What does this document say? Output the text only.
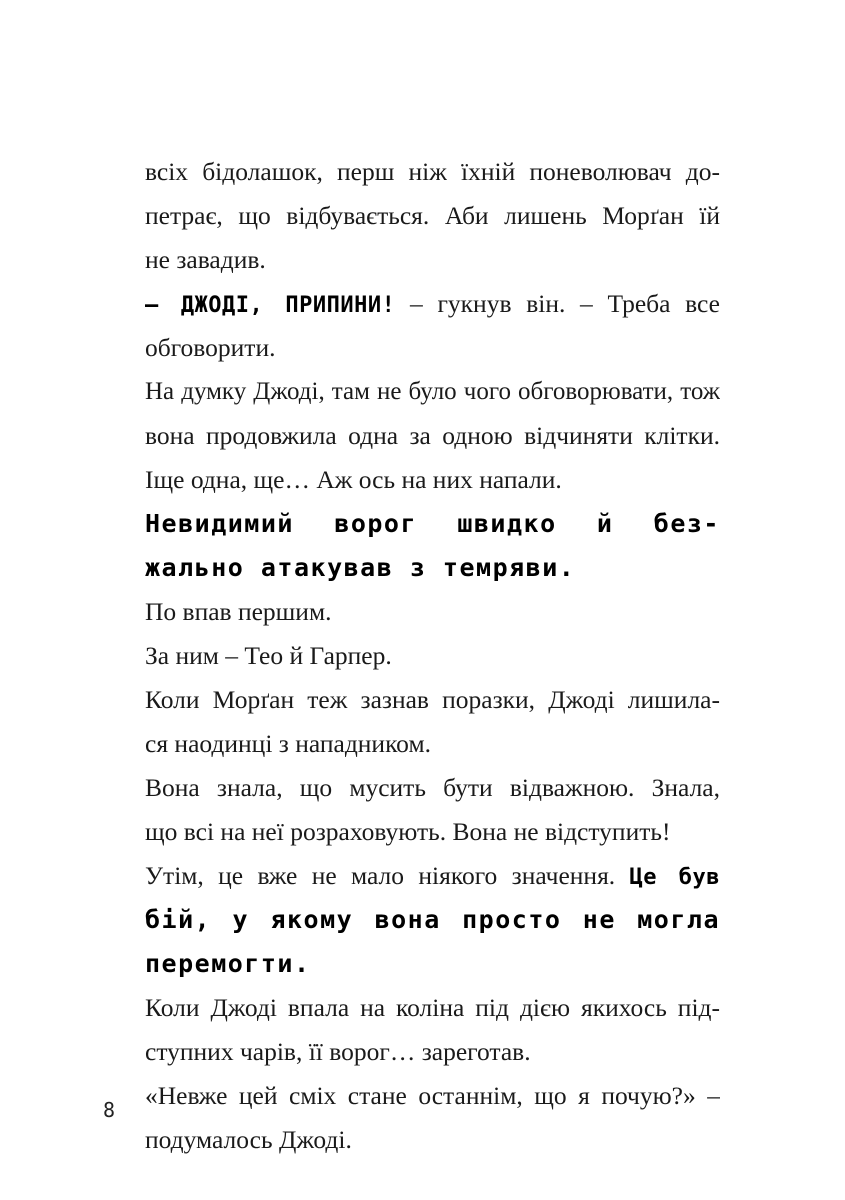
всіх бідолашок, перш ніж їхній поневолювач до-
петрає, що відбувається. Аби лишень Морґан їй
не завадив.
– ДЖОДІ, ПРИПИНИ! – гукнув він. – Треба все
обговорити.
На думку Джоді, там не було чого обговорювати, тож
вона продовжила одна за одною відчиняти клітки.
Іще одна, ще… Аж ось на них напали.
Невидимий ворог швидко й без-
жально атакував з темряви.
По впав першим.
За ним – Тео й Гарпер.
Коли Морґан теж зазнав поразки, Джоді лишила-
ся наодинці з нападником.
Вона знала, що мусить бути відважною. Знала,
що всі на неї розраховують. Вона не відступить!
Утім, це вже не мало ніякого значення. Це був
бій, у якому вона просто не могла
перемогти.
Коли Джоді впала на коліна під дією якихось під-
ступних чарів, її ворог… зареготав.
«Невже цей сміх стане останнім, що я почую?» –
подумалось Джоді.
8
